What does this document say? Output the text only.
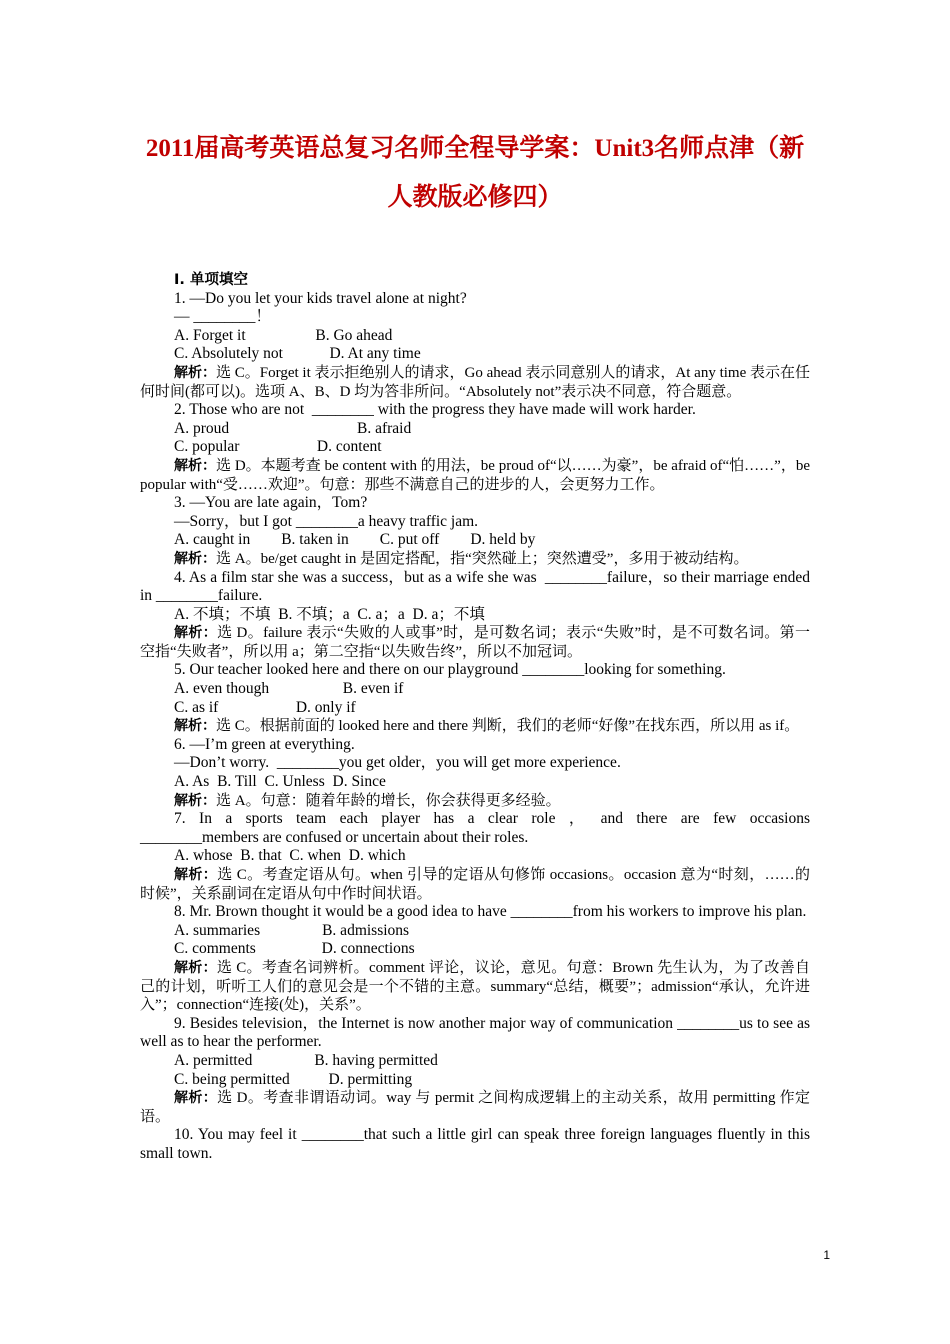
2011届高考英语总复习名师全程导学案：Unit3名师点津（新
人教版必修四）

Ⅰ. 单项填空

1. —Do you let your kids travel alone at night?

— ________！

A. Forget it                  B. Go ahead

C. Absolutely not            D. At any time

解析：选 C。Forget it 表示拒绝别人的请求，Go ahead 表示同意别人的请求，At any time 表示在任何时间(都可以)。选项 A、B、D 均为答非所问。“Absolutely not”表示决不同意，符合题意。

2. Those who are not  ________ with the progress they have made will work harder.

A. proud                                 B. afraid

C. popular                    D. content

解析：选 D。本题考查 be content with 的用法，be proud of“以……为豪”，be afraid of“怕……”，be popular with“受……欢迎”。句意：那些不满意自己的进步的人，会更努力工作。

3. —You are late again，Tom?

—Sorry，but I got ________a heavy traffic jam.

A. caught in        B. taken in        C. put off        D. held by

解析：选 A。be/get caught in 是固定搭配，指“突然碰上；突然遭受”，多用于被动结构。

4. As a film star she was a success，but as a wife she was  ________failure，so their marriage ended in ________failure.

A. 不填；不填  B. 不填；a  C. a；a  D. a；不填

解析：选 D。failure 表示“失败的人或事”时，是可数名词；表示“失败”时，是不可数名词。第一空指“失败者”，所以用 a；第二空指“以失败告终”，所以不加冠词。

5. Our teacher looked here and there on our playground ________looking for something.

A. even though                   B. even if

C. as if                    D. only if

解析：选 C。根据前面的 looked here and there 判断，我们的老师“好像”在找东西，所以用 as if。

6. —I’m green at everything.

—Don’t worry.  ________you get older，you will get more experience.

A. As  B. Till  C. Unless  D. Since

解析：选 A。句意：随着年龄的增长，你会获得更多经验。

7.  In  a  sports  team  each  player  has  a  clear  role  ，  and  there  are  few  occasions ________members are confused or uncertain about their roles.

A. whose  B. that  C. when  D. which

解析：选 C。考查定语从句。when 引导的定语从句修饰 occasions。occasion 意为“时刻，……的时候”，关系副词在定语从句中作时间状语。

8. Mr. Brown thought it would be a good idea to have ________from his workers to improve his plan.

A. summaries                B. admissions

C. comments                 D. connections

解析：选 C。考查名词辨析。comment 评论，议论，意见。句意：Brown 先生认为，为了改善自己的计划，听听工人们的意见会是一个不错的主意。summary“总结，概要”；admission“承认，允许进入”；connection“连接(处)，关系”。

9. Besides television，the Internet is now another major way of communication ________us to see as well as to hear the performer.

A. permitted                B. having permitted

C. being permitted          D. permitting

解析：选 D。考查非谓语动词。way 与 permit 之间构成逻辑上的主动关系，故用 permitting 作定语。

10. You may feel it ________that such a little girl can speak three foreign languages fluently in this small town.

1
